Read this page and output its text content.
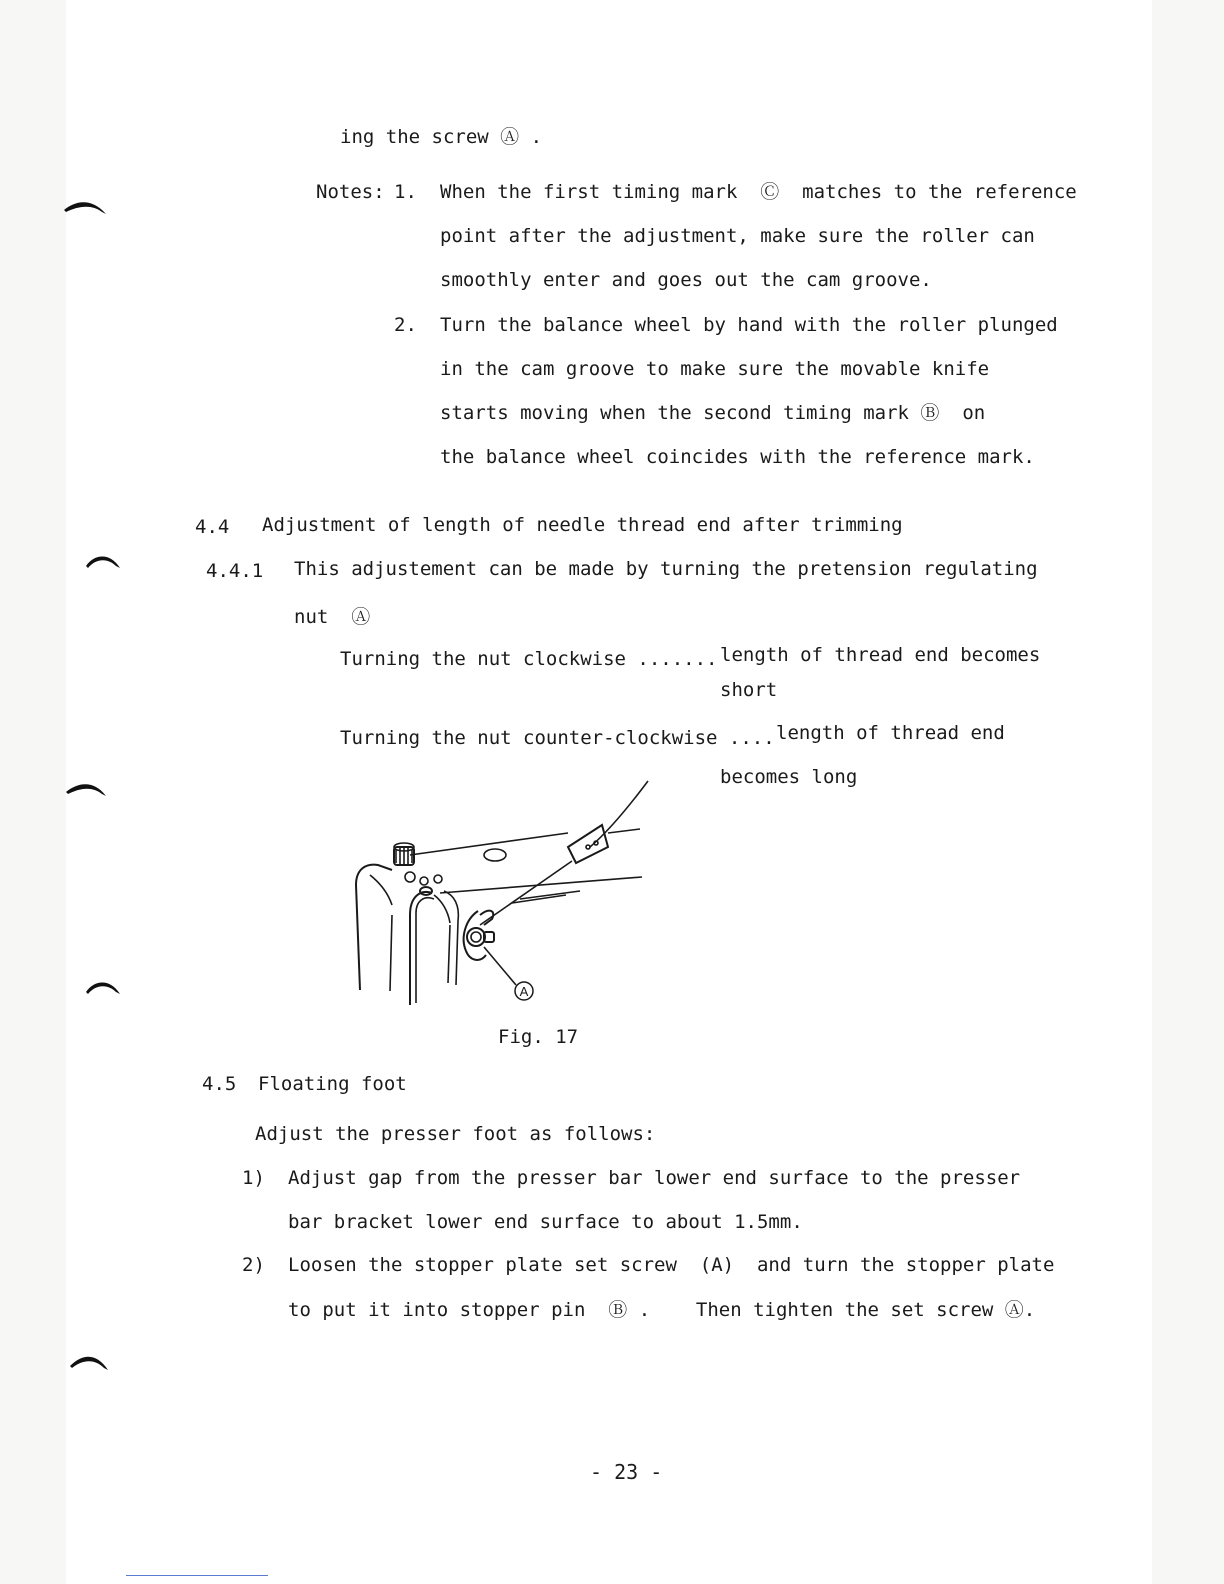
ing the screw Ⓐ .
Notes: 1. When the first timing mark  Ⓒ  matches to the reference
point after the adjustment, make sure the roller can
smoothly enter and goes out the cam groove.
2. Turn the balance wheel by hand with the roller plunged
in the cam groove to make sure the movable knife
starts moving when the second timing mark Ⓑ  on
the balance wheel coincides with the reference mark.
4.4 Adjustment of length of needle thread end after trimming
4.4.1 This adjustement can be made by turning the pretension regulating
nut  Ⓐ
Turning the nut clockwise ....... length of thread end becomes
short
Turning the nut counter-clockwise .... length of thread end
becomes long
A
Fig. 17
4.5 Floating foot
Adjust the presser foot as follows:
1) Adjust gap from the presser bar lower end surface to the presser
bar bracket lower end surface to about 1.5mm.
2) Loosen the stopper plate set screw  (A)  and turn the stopper plate
to put it into stopper pin  Ⓑ .    Then tighten the set screw Ⓐ.
- 23 -
